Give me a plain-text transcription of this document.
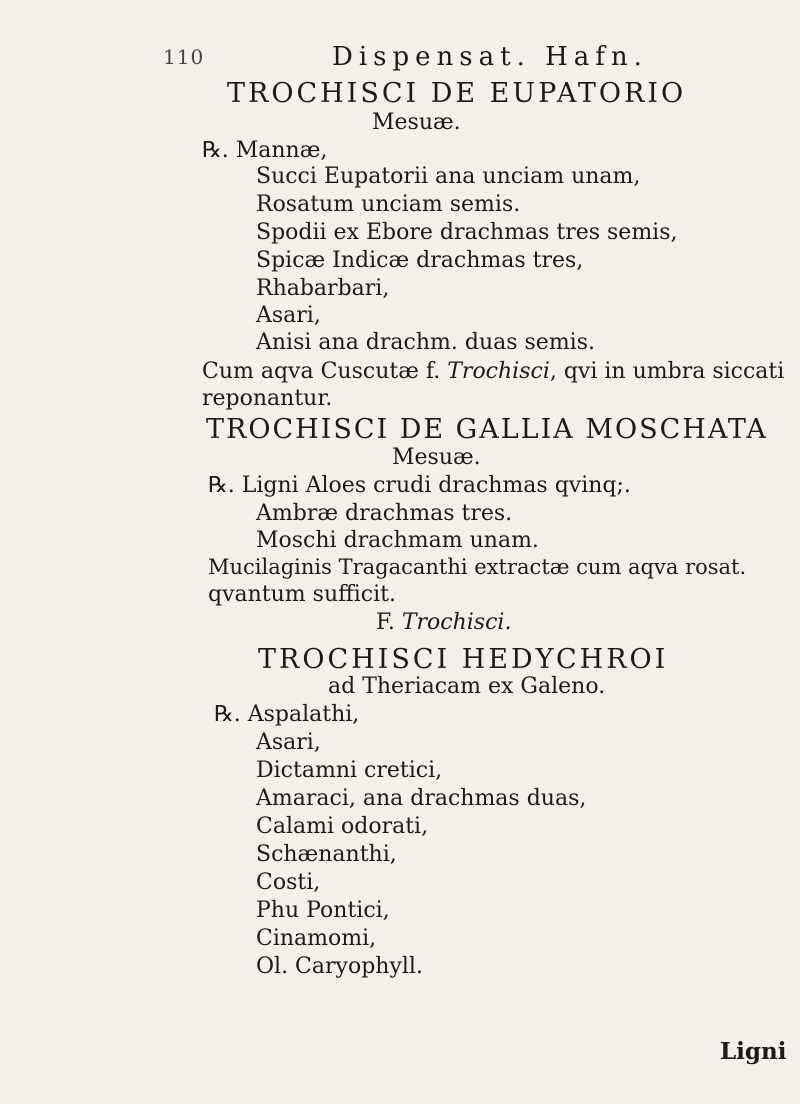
110	Dispensat. Hafn.
TROCHISCI DE EUPATORIO
Mesuæ.
℞. Mannæ,
Succi Eupatorii ana unciam unam,
Rosatum unciam semis.
Spodii ex Ebore drachmas tres semis,
Spicæ Indicæ drachmas tres,
Rhabarbari,
Asari,
Anisi ana drachm. duas semis.
Cum aqva Cuscutæ f. Trochisci, qvi in umbra siccati
reponantur.
TROCHISCI DE GALLIA MOSCHATA
Mesuæ.
℞. Ligni Aloes crudi drachmas qvinq;.
Ambræ drachmas tres.
Moschi drachmam unam.
Mucilaginis Tragacanthi extractæ cum aqva rosat.
qvantum sufficit.
F. Trochisci.
TROCHISCI HEDYCHROI
ad Theriacam ex Galeno.
℞. Aspalathi,
Asari,
Dictamni cretici,
Amaraci, ana drachmas duas,
Calami odorati,
Schænanthi,
Costi,
Phu Pontici,
Cinamomi,
Ol. Caryophyll.
Ligni
